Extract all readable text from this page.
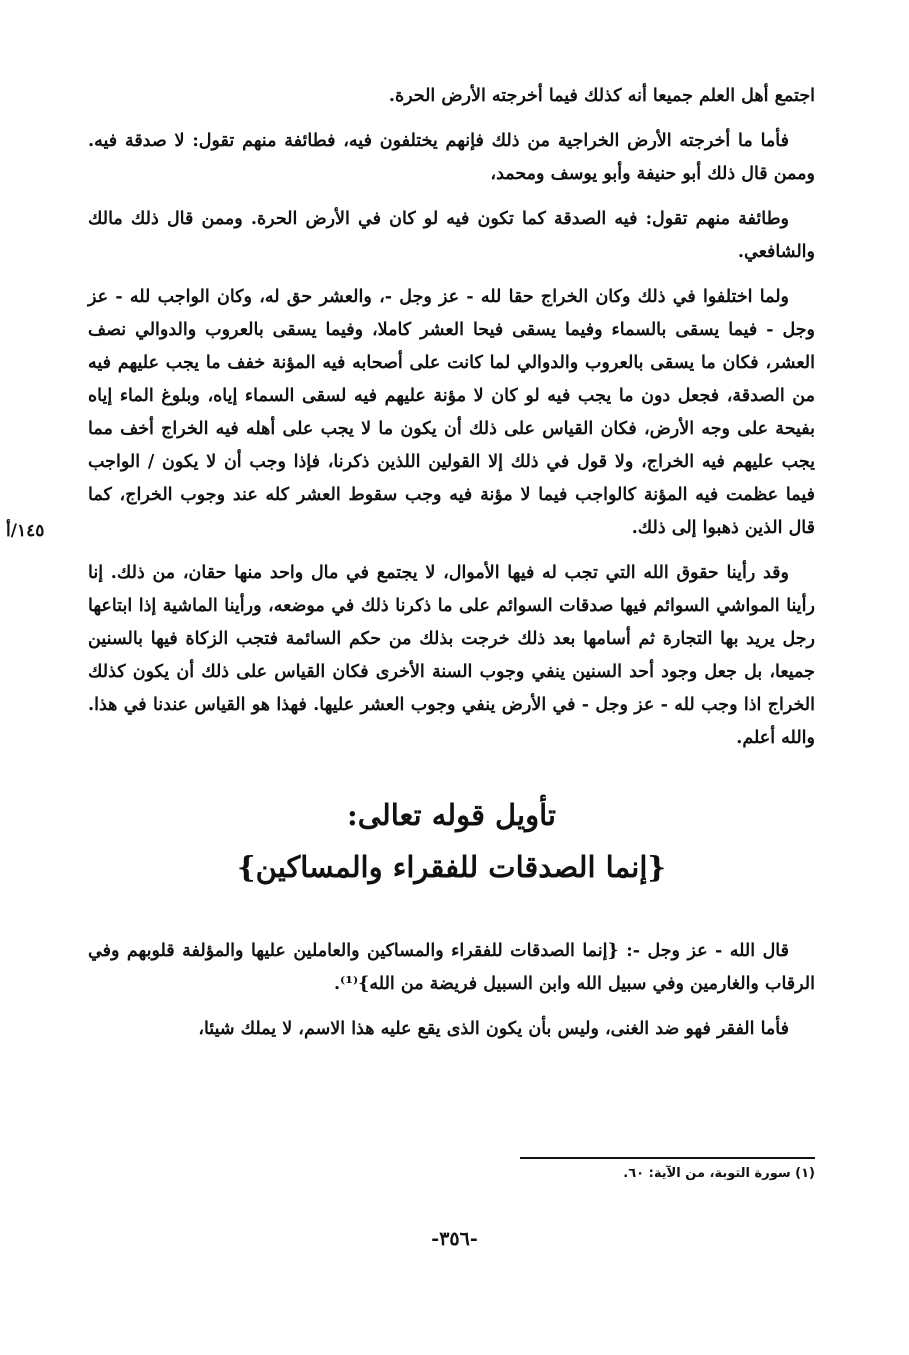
اجتمع أهل العلم جميعا أنه كذلك فيما أخرجته الأرض الحرة.

فأما ما أخرجته الأرض الخراجية من ذلك فإنهم يختلفون فيه، فطائفة منهم تقول: لا صدقة فيه. وممن قال ذلك أبو حنيفة وأبو يوسف ومحمد،

وطائفة منهم تقول: فيه الصدقة كما تكون فيه لو كان في الأرض الحرة. وممن قال ذلك مالك والشافعي.

ولما اختلفوا في ذلك وكان الخراج حقا لله - عز وجل -، والعشر حق له، وكان الواجب لله - عز وجل - فيما يسقى بالسماء وفيما يسقى فيحا العشر كاملا، وفيما يسقى بالعروب والدوالي نصف العشر، فكان ما يسقى بالعروب والدوالي لما كانت على أصحابه فيه المؤنة خفف ما يجب عليهم فيه من الصدقة، فجعل دون ما يجب فيه لو كان لا مؤنة عليهم فيه لسقى السماء إياه، وبلوغ الماء إياه بفيحة على وجه الأرض، فكان القياس على ذلك أن يكون ما لا يجب على أهله فيه الخراج أخف مما يجب عليهم فيه الخراج، ولا قول في ذلك إلا القولين اللذين ذكرنا، فإذا وجب أن لا يكون / الواجب فيما عظمت فيه المؤنة كالواجب فيما لا مؤنة فيه وجب سقوط العشر كله عند وجوب الخراج، كما قال الذين ذهبوا إلى ذلك.

وقد رأينا حقوق الله التي تجب له فيها الأموال، لا يجتمع في مال واحد منها حقان، من ذلك. إنا رأينا المواشي السوائم فيها صدقات السوائم على ما ذكرنا ذلك في موضعه، ورأينا الماشية إذا ابتاعها رجل يريد بها التجارة ثم أسامها بعد ذلك خرجت بذلك من حكم السائمة فتجب الزكاة فيها بالسنين جميعا، بل جعل وجود أحد السنين ينفي وجوب السنة الأخرى فكان القياس على ذلك أن يكون كذلك الخراج اذا وجب لله - عز وجل - في الأرض ينفي وجوب العشر عليها. فهذا هو القياس عندنا في هذا. والله أعلم.

تأويل قوله تعالى:
{إنما الصدقات للفقراء والمساكين}

قال الله - عز وجل -: {إنما الصدقات للفقراء والمساكين والعاملين عليها والمؤلفة قلوبهم وفي الرقاب والغارمين وفي سبيل الله وابن السبيل فريضة من الله}⁽¹⁾.

فأما الفقر فهو ضد الغنى، وليس بأن يكون الذى يقع عليه هذا الاسم، لا يملك شيئا،

١٤٥/أ
(١) سورة التوبة، من الآية: ٦٠.
-٣٥٦-
